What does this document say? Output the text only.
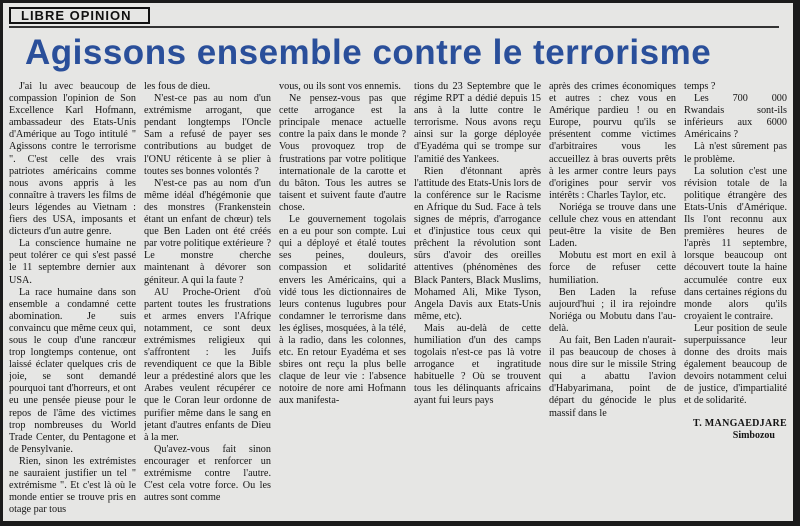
LIBRE OPINION
Agissons ensemble contre le terrorisme

J'ai lu avec beaucoup de compassion l'opinion de Son Excellence Karl Hofmann, ambassadeur des Etats-Unis d'Amérique au Togo intitulé " Agissons contre le terrorisme ". C'est celle des vrais patriotes américains comme nous avons appris à les connaître à travers les films de leurs légendes au Vietnam : fiers des USA, imposants et dicteurs d'un autre genre.

La conscience humaine ne peut tolérer ce qui s'est passé le 11 septembre dernier aux USA.

La race humaine dans son ensemble a condamné cette abomination. Je suis convaincu que même ceux qui, sous le coup d'une rancœur trop longtemps contenue, ont laissé éclater quelques cris de joie, se sont demandé pourquoi tant d'horreurs, et ont eu une pensée pieuse pour le repos de l'âme des victimes trop nombreuses du World Trade Center, du Pentagone et de Pensylvanie.

Rien, sinon les extrémistes ne sauraient justifier un tel " extrémisme ". Et c'est là où le monde entier se trouve pris en otage par tous

les fous de dieu.

N'est-ce pas au nom d'un extrémisme arrogant, que pendant longtemps l'Oncle Sam a refusé de payer ses contributions au budget de l'ONU réticente à se plier à toutes ses bonnes volontés ?

N'est-ce pas au nom d'un même idéal d'hégémonie que des monstres (Frankenstein étant un enfant de chœur) tels que Ben Laden ont été créés par votre politique extérieure ? Le monstre cherche maintenant à dévorer son géniteur. A qui la faute ?

AU Proche-Orient d'où partent toutes les frustrations et armes envers l'Afrique notamment, ce sont deux extrémismes religieux qui s'affrontent : les Juifs revendiquent ce que la Bible leur a prédestiné alors que les Arabes veulent récupérer ce que le Coran leur ordonne de purifier même dans le sang en jetant d'autres enfants de Dieu à la mer.

Qu'avez-vous fait sinon encourager et renforcer un extrémisme contre l'autre. C'est cela votre force. Ou les autres sont comme

vous, ou ils sont vos ennemis.

Ne pensez-vous pas que cette arrogance est la principale menace actuelle contre la paix dans le monde ? Vous provoquez trop de frustrations par votre politique internationale de la carotte et du bâton. Tous les autres se taisent et suivent faute d'autre chose.

Le gouvernement togolais en a eu pour son compte. Lui qui a déployé et étalé toutes ses peines, douleurs, compassion et solidarité envers les Américains, qui a vidé tous les dictionnaires de leurs contenus lugubres pour condamner le terrorisme dans les églises, mosquées, à la télé, à la radio, dans les colonnes, etc. En retour Eyadéma et ses sbires ont reçu la plus belle claque de leur vie : l'absence notoire de nore ami Hofmann aux manifesta-

tions du 23 Septembre que le régime RPT a dédié depuis 15 ans à la lutte contre le terrorisme. Nous avons reçu ainsi sur la gorge déployée d'Eyadéma qui se trompe sur l'amitié des Yankees.

Rien d'étonnant après l'attitude des Etats-Unis lors de la conférence sur le Racisme en Afrique du Sud. Face à tels signes de mépris, d'arrogance et d'injustice tous ceux qui prêchent la révolution sont sûrs d'avoir des oreilles attentives (phénomènes des Black Panters, Black Muslims, Mohamed Ali, Mike Tyson, Angela Davis aux Etats-Unis même, etc).

Mais au-delà de cette humiliation d'un des camps togolais n'est-ce pas là votre arrogance et ingratitude habituelle ? Où se trouvent tous les délinquants africains ayant fui leurs pays

après des crimes économiques et autres : chez vous en Amérique pardieu ! ou en Europe, pourvu qu'ils se présentent comme victimes d'arbitraires vous les accueillez à bras ouverts prêts à les armer contre leurs pays d'origines pour servir vos intérêts : Charles Taylor, etc.

Noriéga se trouve dans une cellule chez vous en attendant peut-être la visite de Ben Laden.

Mobutu est mort en exil à force de refuser cette humiliation.

Ben Laden la refuse aujourd'hui ; il ira rejoindre Noriéga ou Mobutu dans l'au-delà.

Au fait, Ben Laden n'aurait-il pas beaucoup de choses à nous dire sur le missile String qui a abattu l'avion d'Habyarimana, point de départ du génocide le plus massif dans le

temps ?

Les 700 000 Rwandais sont-ils inférieurs aux 6000 Américains ?

Là n'est sûrement pas le problème.

La solution c'est une révision totale de la politique étrangère des Etats-Unis d'Amérique. Ils l'ont reconnu aux premières heures de l'après 11 septembre, lorsque beaucoup ont découvert toute la haine accumulée contre eux dans certaines régions du monde alors qu'ils croyaient le contraire.

Leur position de seule superpuissance leur donne des droits mais également beaucoup de devoirs notamment celui de justice, d'impartialité et de solidarité.

T. MANGAEDJARE

Simbozou
